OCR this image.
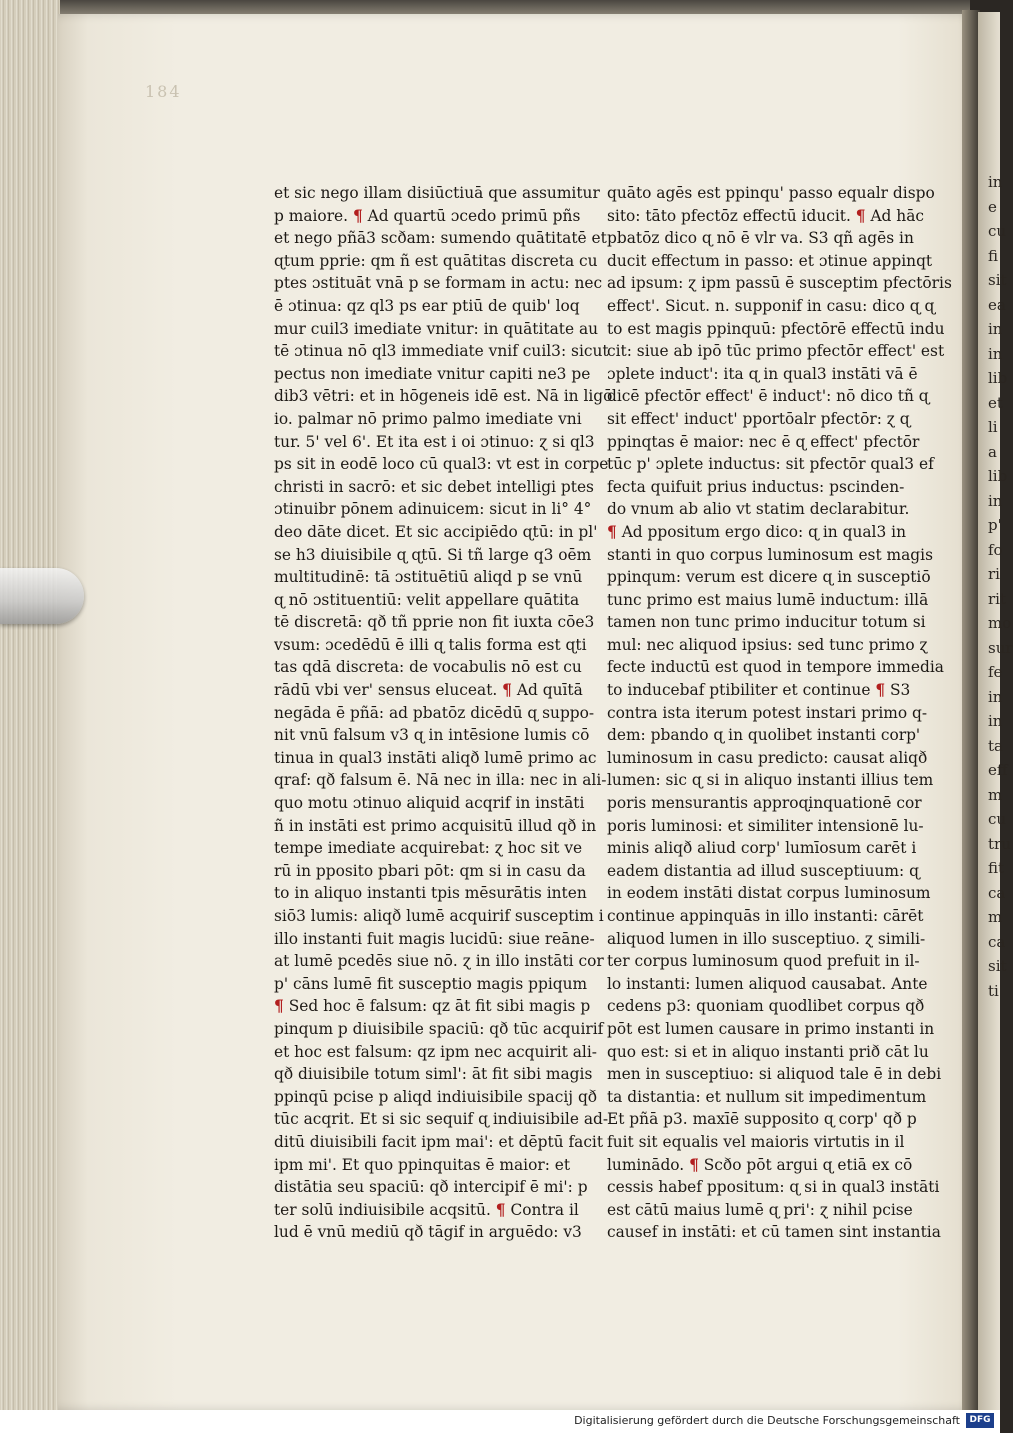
in
e
cu
fi
sit
ea
in
in
lib
et
li
a
lib
in
p'
fo
ri
rit
mo
sur
fe
in
in
ta
eff
m
cu
tru
fit
ca
m
ca
sit
ti
184
et sic nego illam disiūctiuā que assumitur
p maiore. ¶ Ad quartū ɔcedo primū pñs
et nego pñā3 scðam: sumendo quātitatē et
ɋtum pprie: qm ñ est quātitas discreta cu
ptes ɔstituāt vnā p se formam in actu: nec
ē ɔtinua: qz ql3 ps ear ptiū de quib' loq
mur cuil3 imediate vnitur: in quātitate au
tē ɔtinua nō ql3 immediate vnif cuil3: sicut
pectus non imediate vnitur capiti ne3 pe
dib3 vētri: et in hōgeneis idē est. Nā in ligō
io. palmar nō primo palmo imediate vni
tur. 5' vel 6'. Et ita est i oi ɔtinuo: ɀ si ql3
ps sit in eodē loco cū qual3: vt est in corpe
christi in sacrō: et sic debet intelligi ptes
ɔtinuibr pōnem adinuicem: sicut in li° 4°
deo dāte dicet. Et sic accipiēdo ɋtū: in pl'
se h3 diuisibile ɋ ɋtū. Si tñ large q3 oēm
multitudinē: tā ɔstituētiū aliqd p se vnū
ɋ nō ɔstituentiū: velit appellare quātita
tē discretā: qð tñ pprie non fit iuxta cōe3
vsum: ɔcedēdū ē illi ɋ talis forma est ɋti
tas qdā discreta: de vocabulis nō est cu
rādū vbi ver' sensus eluceat. ¶ Ad quītā
negāda ē pñā: ad pbatōz dicēdū ɋ suppo-
nit vnū falsum v3 ɋ in intēsione lumis cō
tinua in qual3 instāti aliqð lumē primo ac
qraf: qð falsum ē. Nā nec in illa: nec in ali-
quo motu ɔtinuo aliquid acqrif in instāti
ñ in instāti est primo acquisitū illud qð in
tempe imediate acquirebat: ɀ hoc sit ve
rū in pposito pbari pōt: qm si in casu da
to in aliquo instanti tpis mēsurātis inten
siō3 lumis: aliqð lumē acquirif susceptim i
illo instanti fuit magis lucidū: siue reāne-
at lumē pcedēs siue nō. ɀ in illo instāti cor
p' cāns lumē fit susceptio magis ppiqum
¶ Sed hoc ē falsum: qz āt fit sibi magis p
pinqum p diuisibile spaciū: qð tūc acquirif
et hoc est falsum: qz ipm nec acquirit ali-
qð diuisibile totum siml': āt fit sibi magis
ppinqū pcise p aliqd indiuisibile spacij qð
tūc acqrit. Et si sic sequif ɋ indiuisibile ad-
ditū diuisibili facit ipm mai': et dēptū facit
ipm mi'. Et quo ppinquitas ē maior: et
distātia seu spaciū: qð intercipif ē mi': p
ter solū indiuisibile acqsitū. ¶ Contra il
lud ē vnū mediū qð tāgif in arguēdo: v3
quāto agēs est ppinqu' passo equalr dispo
sito: tāto pfectōz effectū iducit. ¶ Ad hāc
pbatōz dico ɋ nō ē vlr va. S3 qñ agēs in
ducit effectum in passo: et ɔtinue appinqt
ad ipsum: ɀ ipm passū ē susceptim pfectōris
effect'. Sicut. n. supponif in casu: dico ɋ ɋ
to est magis ppinquū: pfectōrē effectū indu
cit: siue ab ipō tūc primo pfectōr effect' est
ɔplete induct': ita ɋ in qual3 instāti vā ē
dicē pfectōr effect' ē induct': nō dico tñ ɋ
sit effect' induct' pportōalr pfectōr: ɀ ɋ
ppinqtas ē maior: nec ē ɋ effect' pfectōr
tūc p' ɔplete inductus: sit pfectōr qual3 ef
fecta quifuit prius inductus: pscinden-
do vnum ab alio vt statim declarabitur.
¶ Ad ppositum ergo dico: ɋ in qual3 in
stanti in quo corpus luminosum est magis
ppinqum: verum est dicere ɋ in susceptiō
tunc primo est maius lumē inductum: illā
tamen non tunc primo inducitur totum si
mul: nec aliquod ipsius: sed tunc primo ɀ
fecte inductū est quod in tempore immedia
to inducebaf ptibiliter et continue ¶ S3
contra ista iterum potest instari primo q-
dem: pbando ɋ in quolibet instanti corp'
luminosum in casu predicto: causat aliqð
lumen: sic ɋ si in aliquo instanti illius tem
poris mensurantis approɋinquationē cor
poris luminosi: et similiter intensionē lu-
minis aliqð aliud corp' lumīosum carēt i
eadem distantia ad illud susceptiuum: ɋ
in eodem instāti distat corpus luminosum
continue appinquās in illo instanti: cārēt
aliquod lumen in illo susceptiuo. ɀ simili-
ter corpus luminosum quod prefuit in il-
lo instanti: lumen aliquod causabat. Ante
cedens p3: quoniam quodlibet corpus qð
pōt est lumen causare in primo instanti in
quo est: si et in aliquo instanti prið cāt lu
men in susceptiuo: si aliquod tale ē in debi
ta distantia: et nullum sit impedimentum
Et pñā p3. maxīē supposito ɋ corp' qð p
fuit sit equalis vel maioris virtutis in il
luminādo. ¶ Scðo pōt argui ɋ etiā ex cō
cessis habef ppositum: ɋ si in qual3 instāti
est cātū maius lumē ɋ pri': ɀ nihil pcise
causef in instāti: et cū tamen sint instantia
Digitalisierung gefördert durch die Deutsche Forschungsgemeinschaft	DFG
